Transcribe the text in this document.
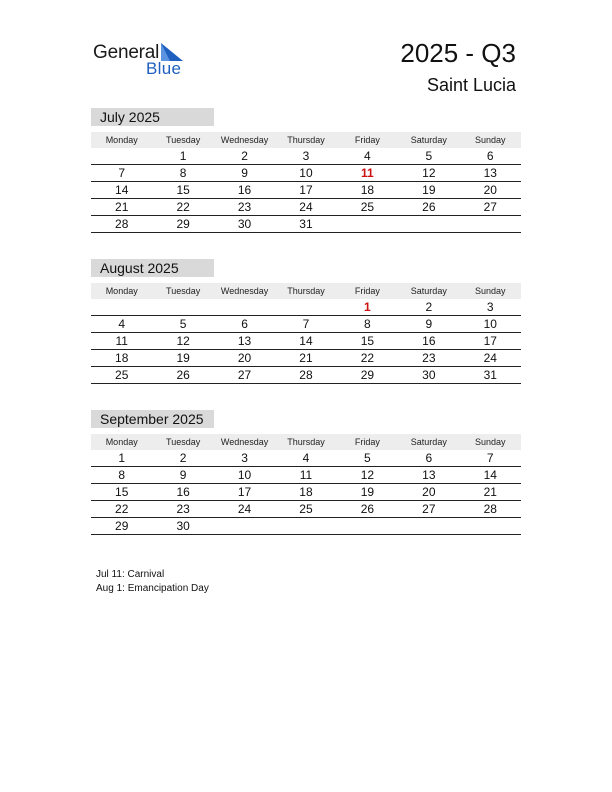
General
Blue
2025 - Q3
Saint Lucia
July 2025
Monday	Tuesday	Wednesday	Thursday	Friday	Saturday	Sunday
	1	2	3	4	5	6
7	8	9	10	11	12	13
14	15	16	17	18	19	20
21	22	23	24	25	26	27
28	29	30	31			
August 2025
Monday	Tuesday	Wednesday	Thursday	Friday	Saturday	Sunday
				1	2	3
4	5	6	7	8	9	10
11	12	13	14	15	16	17
18	19	20	21	22	23	24
25	26	27	28	29	30	31
September 2025
Monday	Tuesday	Wednesday	Thursday	Friday	Saturday	Sunday
1	2	3	4	5	6	7
8	9	10	11	12	13	14
15	16	17	18	19	20	21
22	23	24	25	26	27	28
29	30					
Jul 11: Carnival
Aug 1: Emancipation Day
